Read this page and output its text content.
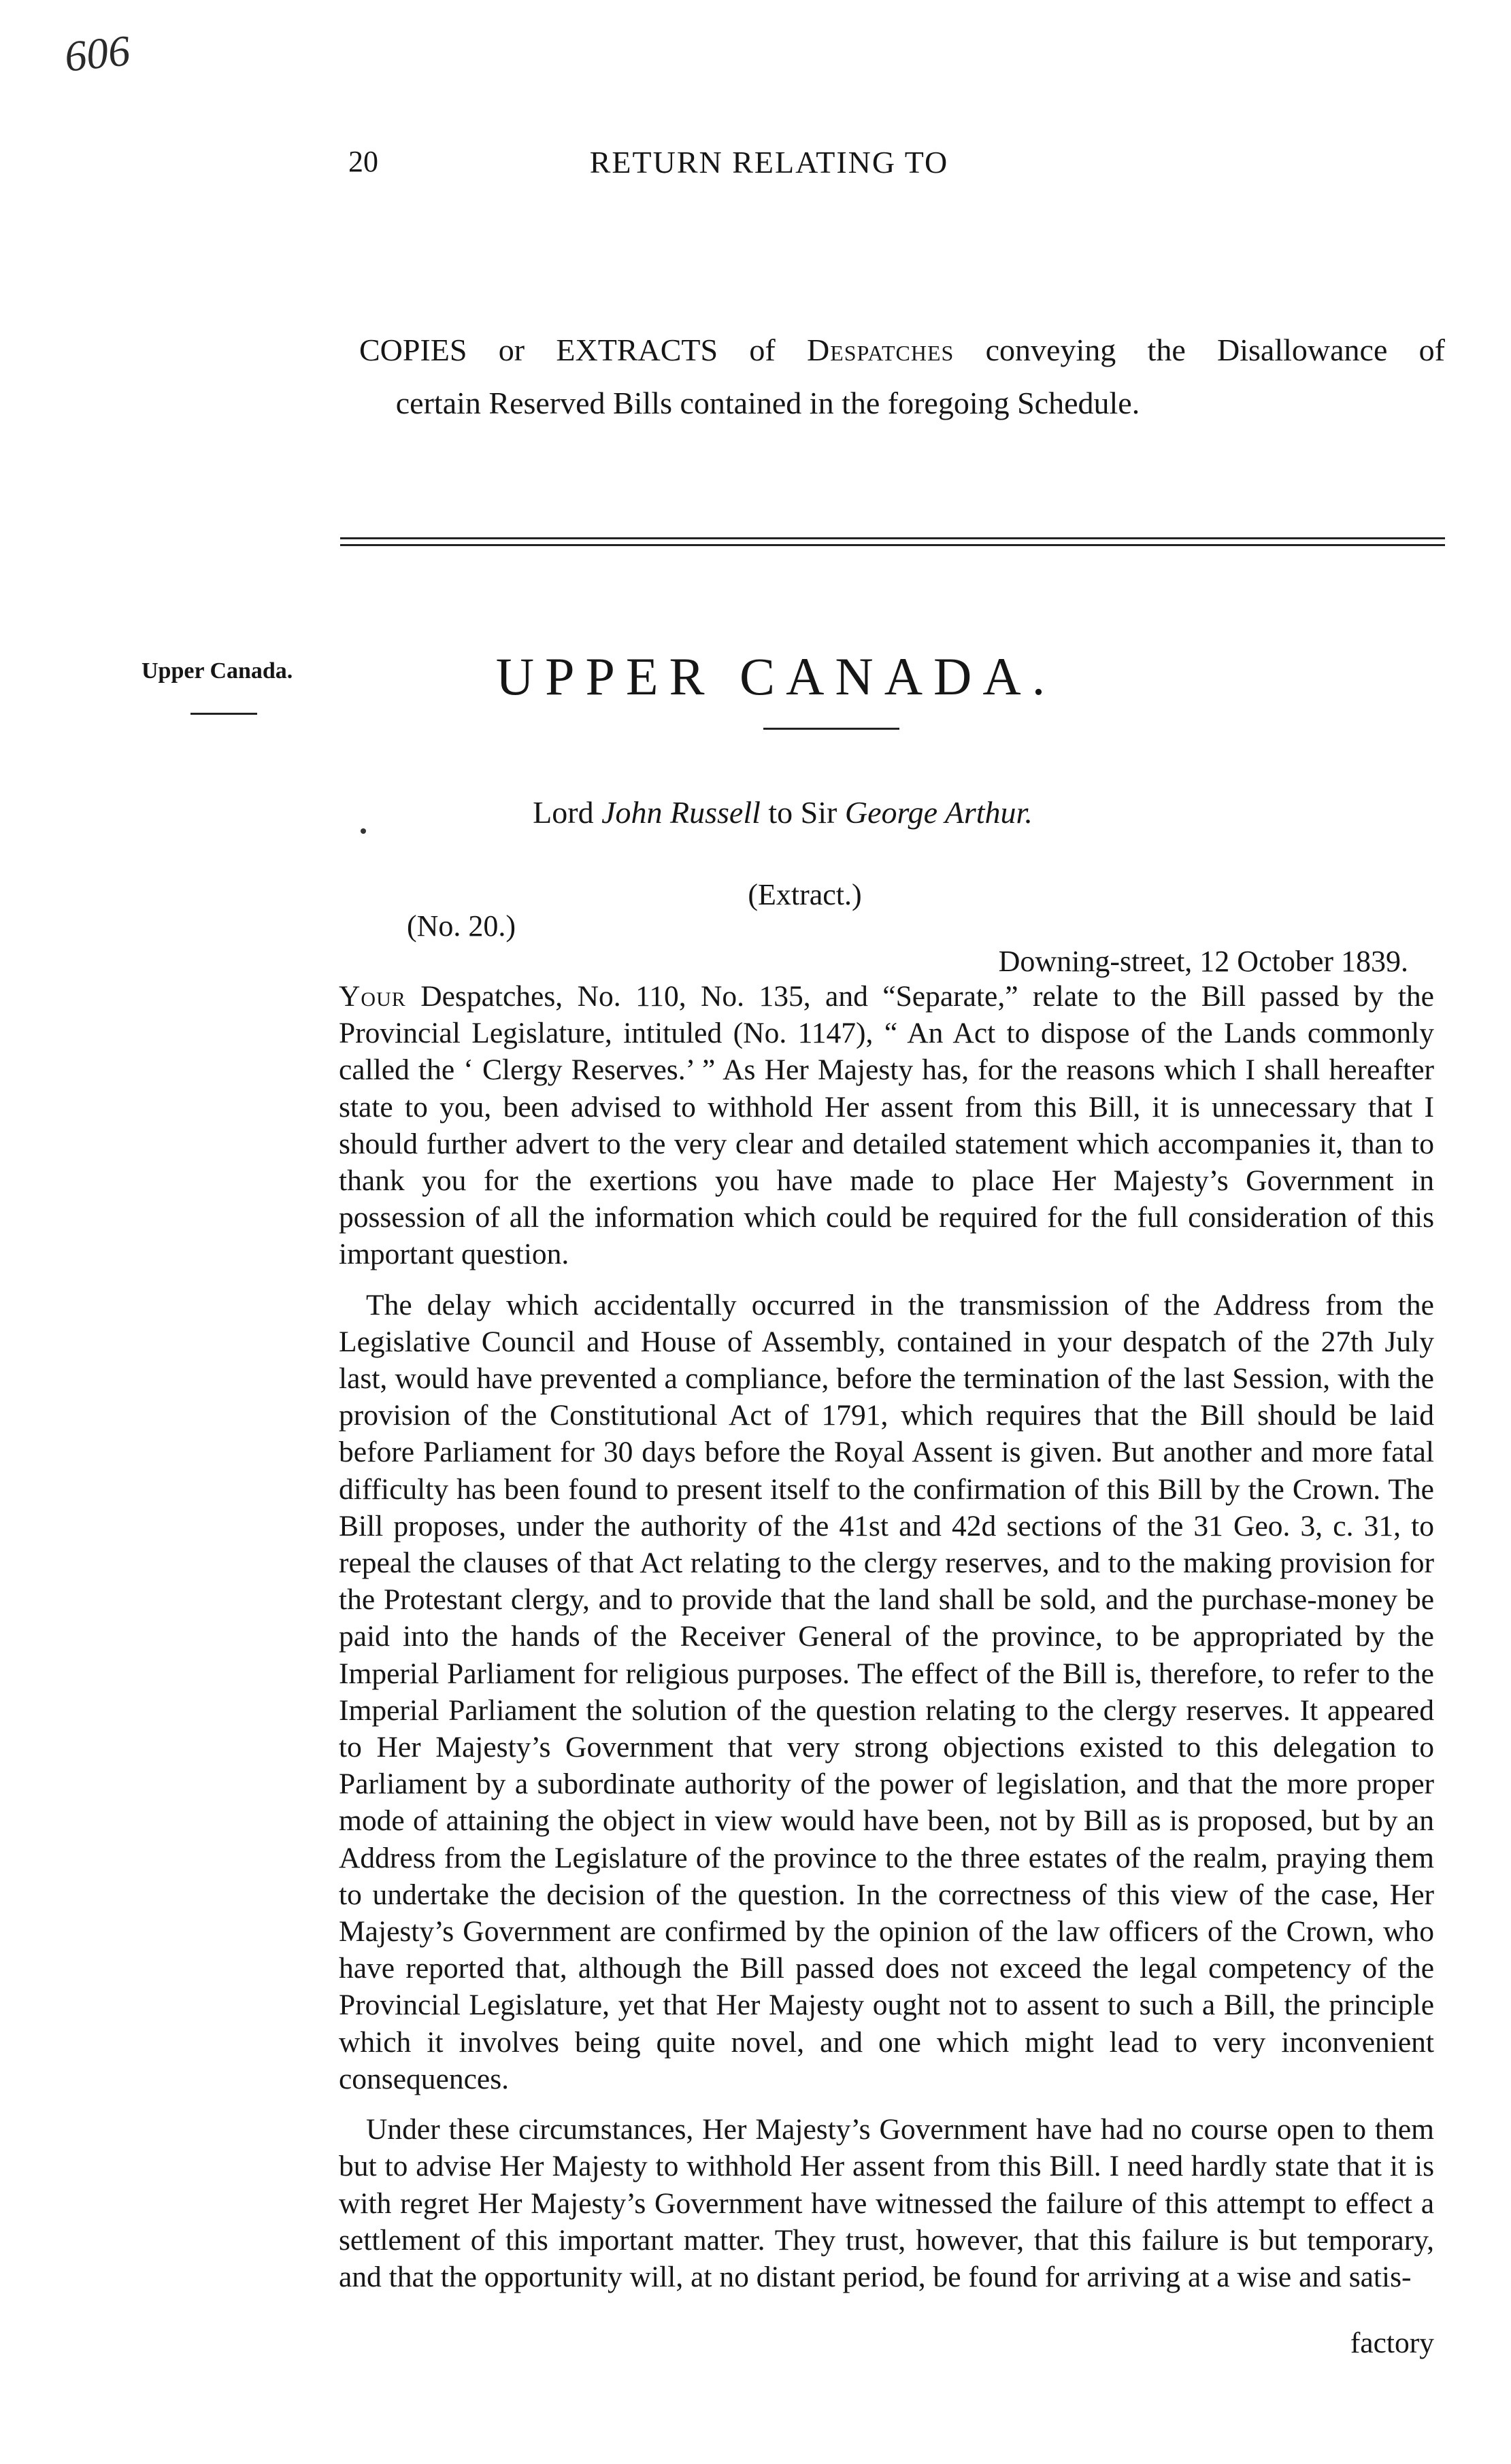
606
20	RETURN RELATING TO
COPIES or EXTRACTS of Despatches conveying the Disallowance of
certain Reserved Bills contained in the foregoing Schedule.
Upper Canada.	UPPER CANADA.
Lord John Russell to Sir George Arthur.
(Extract.)
(No. 20.)
Downing-street, 12 October 1839.

Your Despatches, No. 110, No. 135, and “Separate,” relate to the Bill passed by the Provincial Legislature, intituled (No. 1147), “ An Act to dispose of the Lands commonly called the ‘ Clergy Reserves.’ ” As Her Majesty has, for the reasons which I shall hereafter state to you, been advised to withhold Her assent from this Bill, it is unnecessary that I should further advert to the very clear and detailed statement which accompanies it, than to thank you for the exertions you have made to place Her Majesty’s Government in possession of all the information which could be required for the full consideration of this important question.

The delay which accidentally occurred in the transmission of the Address from the Legislative Council and House of Assembly, contained in your despatch of the 27th July last, would have prevented a compliance, before the termination of the last Session, with the provision of the Constitutional Act of 1791, which requires that the Bill should be laid before Parliament for 30 days before the Royal Assent is given. But another and more fatal difficulty has been found to present itself to the confirmation of this Bill by the Crown. The Bill proposes, under the authority of the 41st and 42d sections of the 31 Geo. 3, c. 31, to repeal the clauses of that Act relating to the clergy reserves, and to the making provision for the Protestant clergy, and to provide that the land shall be sold, and the purchase-money be paid into the hands of the Receiver General of the province, to be appropriated by the Imperial Parliament for religious purposes. The effect of the Bill is, therefore, to refer to the Imperial Parliament the solution of the question relating to the clergy reserves. It appeared to Her Majesty’s Government that very strong objections existed to this delegation to Parliament by a subordinate authority of the power of legislation, and that the more proper mode of attaining the object in view would have been, not by Bill as is proposed, but by an Address from the Legislature of the province to the three estates of the realm, praying them to undertake the decision of the question. In the correctness of this view of the case, Her Majesty’s Government are confirmed by the opinion of the law officers of the Crown, who have reported that, although the Bill passed does not exceed the legal competency of the Provincial Legislature, yet that Her Majesty ought not to assent to such a Bill, the principle which it involves being quite novel, and one which might lead to very inconvenient consequences.

Under these circumstances, Her Majesty’s Government have had no course open to them but to advise Her Majesty to withhold Her assent from this Bill. I need hardly state that it is with regret Her Majesty’s Government have witnessed the failure of this attempt to effect a settlement of this important matter. They trust, however, that this failure is but temporary, and that the opportunity will, at no distant period, be found for arriving at a wise and satis-

factory
